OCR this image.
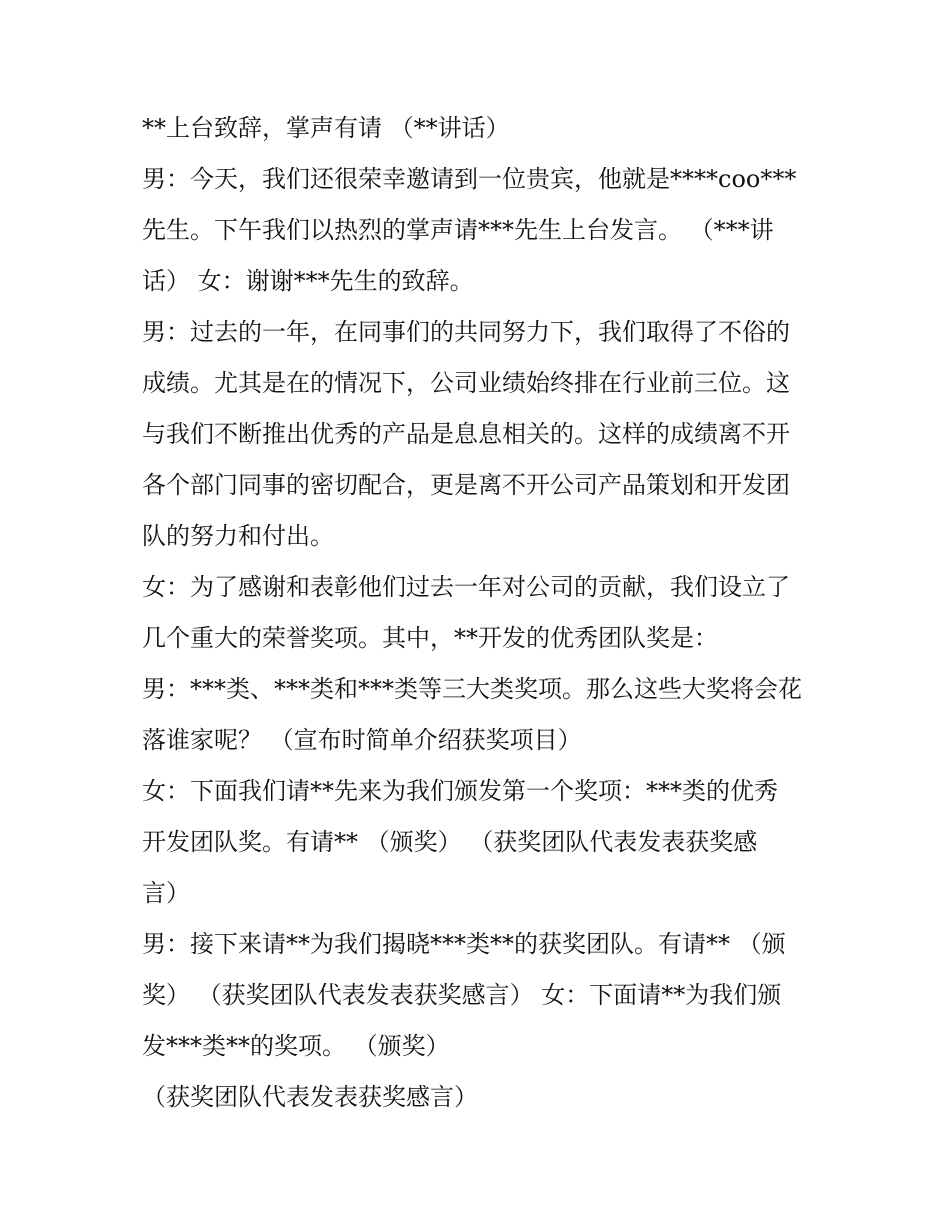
**上台致辞，掌声有请 （**讲话）
男：今天，我们还很荣幸邀请到一位贵宾，他就是****coo***
先生。下午我们以热烈的掌声请***先生上台发言。 （***讲
话） 女：谢谢***先生的致辞。
男：过去的一年，在同事们的共同努力下，我们取得了不俗的
成绩。尤其是在的情况下，公司业绩始终排在行业前三位。这
与我们不断推出优秀的产品是息息相关的。这样的成绩离不开
各个部门同事的密切配合，更是离不开公司产品策划和开发团
队的努力和付出。
女：为了感谢和表彰他们过去一年对公司的贡献，我们设立了
几个重大的荣誉奖项。其中，**开发的优秀团队奖是：
男：***类、***类和***类等三大类奖项。那么这些大奖将会花
落谁家呢？ （宣布时简单介绍获奖项目）
女：下面我们请**先来为我们颁发第一个奖项：***类的优秀
开发团队奖。有请** （颁奖） （获奖团队代表发表获奖感
言）
男：接下来请**为我们揭晓***类**的获奖团队。有请** （颁
奖） （获奖团队代表发表获奖感言） 女：下面请**为我们颁
发***类**的奖项。 （颁奖）
（获奖团队代表发表获奖感言）
